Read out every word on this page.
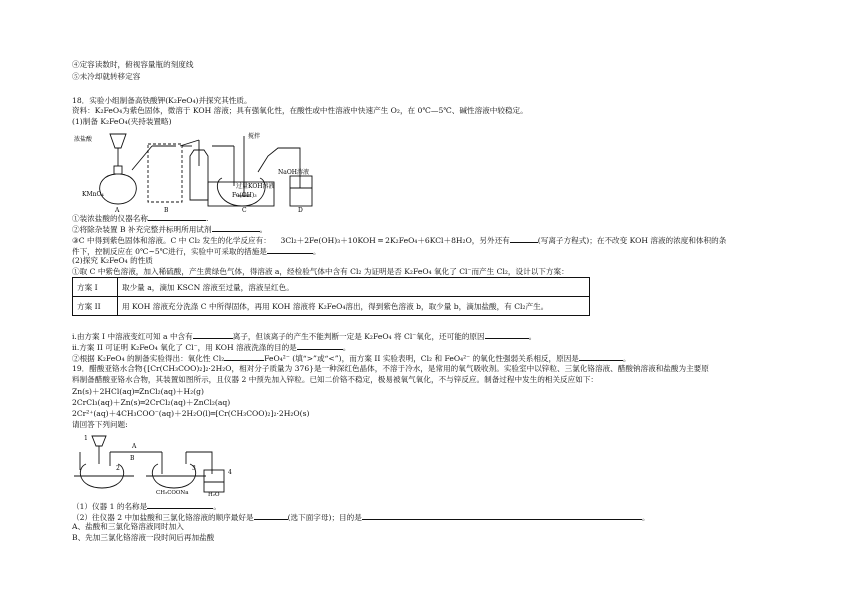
④定容读数时，俯视容量瓶的刻度线
⑤未冷却就转移定容
18．实验小组制备高铁酸钾(K₂FeO₄)并探究其性质。
资料：K₂FeO₄为紫色固体，微溶于 KOH 溶液；具有强氧化性，在酸性或中性溶液中快速产生 O₂，在 0℃—5℃、碱性溶液中较稳定。
(1)制备 K₂FeO₄(夹持装置略)
浓盐酸
KMnO₄
搅拌
过量KOH溶液
Fe(OH)₃
NaOH溶液
A	B	C	D
①装浓盐酸的仪器名称	.
②将除杂装置 B 补充完整并标明所用试剂	。
③C 中得到紫色固体和溶液。C 中 Cl₂ 发生的化学反应有： 3Cl₂＋2Fe(OH)₃＋10KOH ═ 2K₂FeO₄＋6KCl＋8H₂O，另外还有	(写离子方程式)；在不改变 KOH 溶液的浓度和体积的条
件下，控制反应在 0℃~5℃进行，实验中可采取的措施是	。
(2)探究 K₂FeO₄ 的性质
①取 C 中紫色溶液，加入稀硫酸，产生黄绿色气体，得溶液 a，经检验气体中含有 Cl₂ 为证明是否 K₂FeO₄ 氧化了 Cl⁻而产生 Cl₂，设计以下方案：
方案 I	取少量 a，滴加 KSCN 溶液至过量，溶液呈红色。
方案 II	用 KOH 溶液充分洗涤 C 中所得固体，再用 KOH 溶液将 K₂FeO₄溶出，得到紫色溶液 b，取少量 b，滴加盐酸，有 Cl₂产生。
i.由方案 I 中溶液变红可知 a 中含有	离子，但该离子的产生不能判断一定是 K₂FeO₄ 将 Cl⁻氧化，还可能的原因	。
ii.方案 II 可证明 K₂FeO₄ 氧化了 Cl⁻，用 KOH 溶液洗涤的目的是	。
②根据 K₂FeO₄ 的制备实验得出：氧化性 Cl₂	FeO₄²⁻ (填“>”或“<”)，而方案 II 实验表明，Cl₂ 和 FeO₄²⁻ 的氧化性强弱关系相反，原因是	。
19．醋酸亚铬水合物{[Cr(CH₃COO)₂]₂·2H₂O，相对分子质量为 376}是一种深红色晶体，不溶于冷水，是常用的氧气吸收剂。实验室中以锌粒、三氯化铬溶液、醋酸钠溶液和盐酸为主要原
料制备醋酸亚铬水合物，其装置如图所示，且仪器 2 中预先加入锌粒。已知二价铬不稳定，极易被氧气氧化，不与锌反应。制备过程中发生的相关反应如下：
Zn(s)＋2HCl(aq)═ZnCl₂(aq)＋H₂(g)
2CrCl₃(aq)＋Zn(s)═2CrCl₂(aq)＋ZnCl₂(aq)
2Cr²⁺(aq)＋4CH₃COO⁻(aq)＋2H₂O(l)═[Cr(CH₃COO)₂]₂·2H₂O(s)
请回答下列问题:
1
2	3
4
A
B
CH₃COONa	H₂O
（1）仪器 1 的名称是	。
（2）往仪器 2 中加盐酸和三氯化铬溶液的顺序最好是	(选下面字母)；目的是	。
A、盐酸和三氯化铬溶液同时加入
B、先加三氯化铬溶液一段时间后再加盐酸
